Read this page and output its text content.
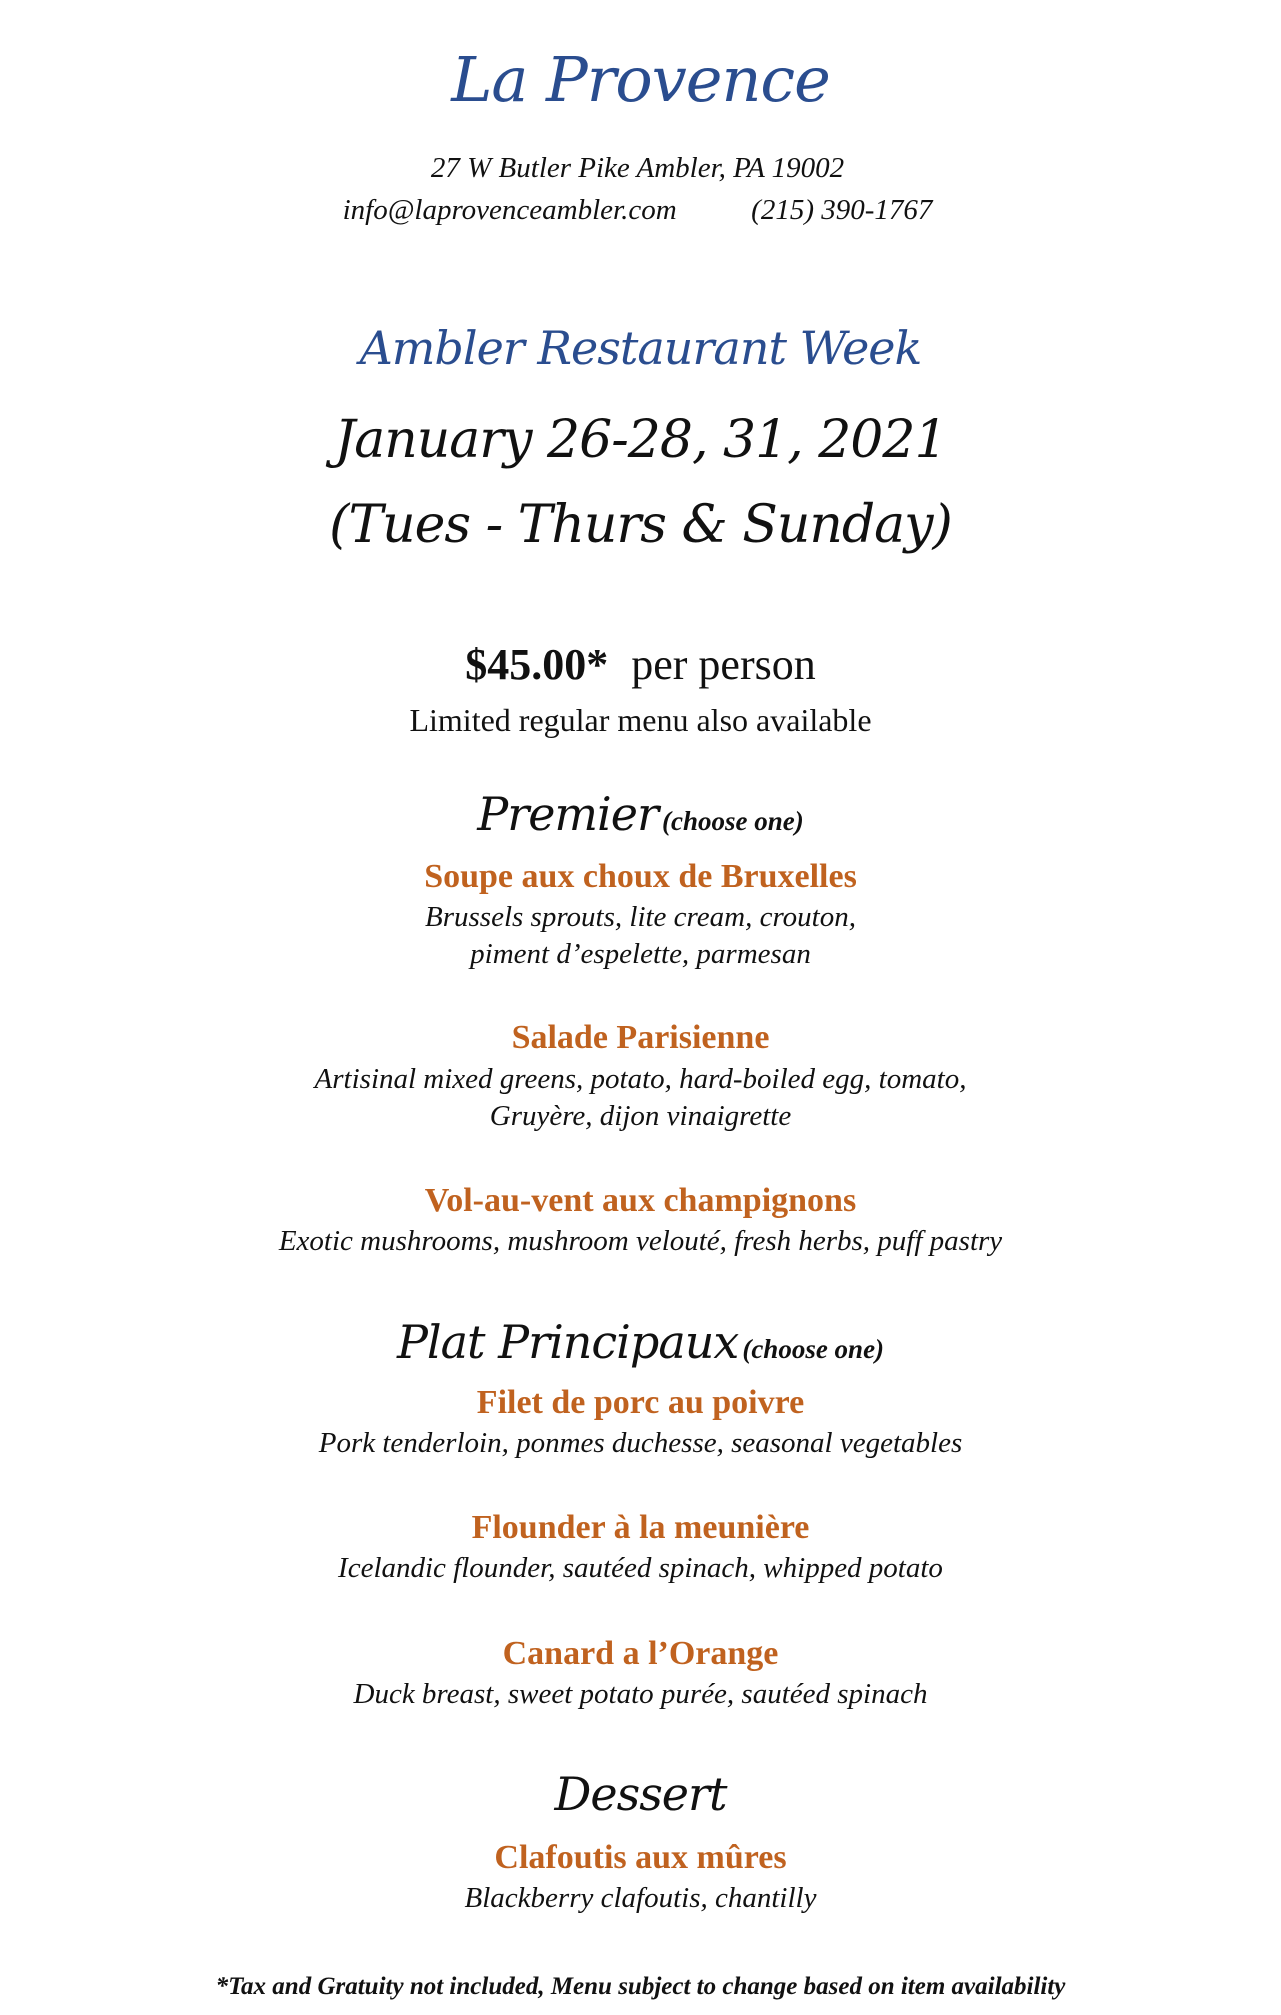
La Provence
27 W Butler Pike Ambler, PA 19002
info@laprovenceambler.com	(215) 390-1767
Ambler Restaurant Week
January 26-28, 31, 2021
(Tues - Thurs & Sunday)
$45.00* per person
Limited regular menu also available
Premier (choose one)
Soupe aux choux de Bruxelles
Brussels sprouts, lite cream, crouton,
piment d’espelette, parmesan
Salade Parisienne
Artisinal mixed greens, potato, hard-boiled egg, tomato,
Gruyère, dijon vinaigrette
Vol-au-vent aux champignons
Exotic mushrooms, mushroom velouté, fresh herbs, puff pastry
Plat Principaux (choose one)
Filet de porc au poivre
Pork tenderloin, ponmes duchesse, seasonal vegetables
Flounder à la meunière
Icelandic flounder, sautéed spinach, whipped potato
Canard a l’Orange
Duck breast, sweet potato purée, sautéed spinach
Dessert
Clafoutis aux mûres
Blackberry clafoutis, chantilly
*Tax and Gratuity not included, Menu subject to change based on item availability
